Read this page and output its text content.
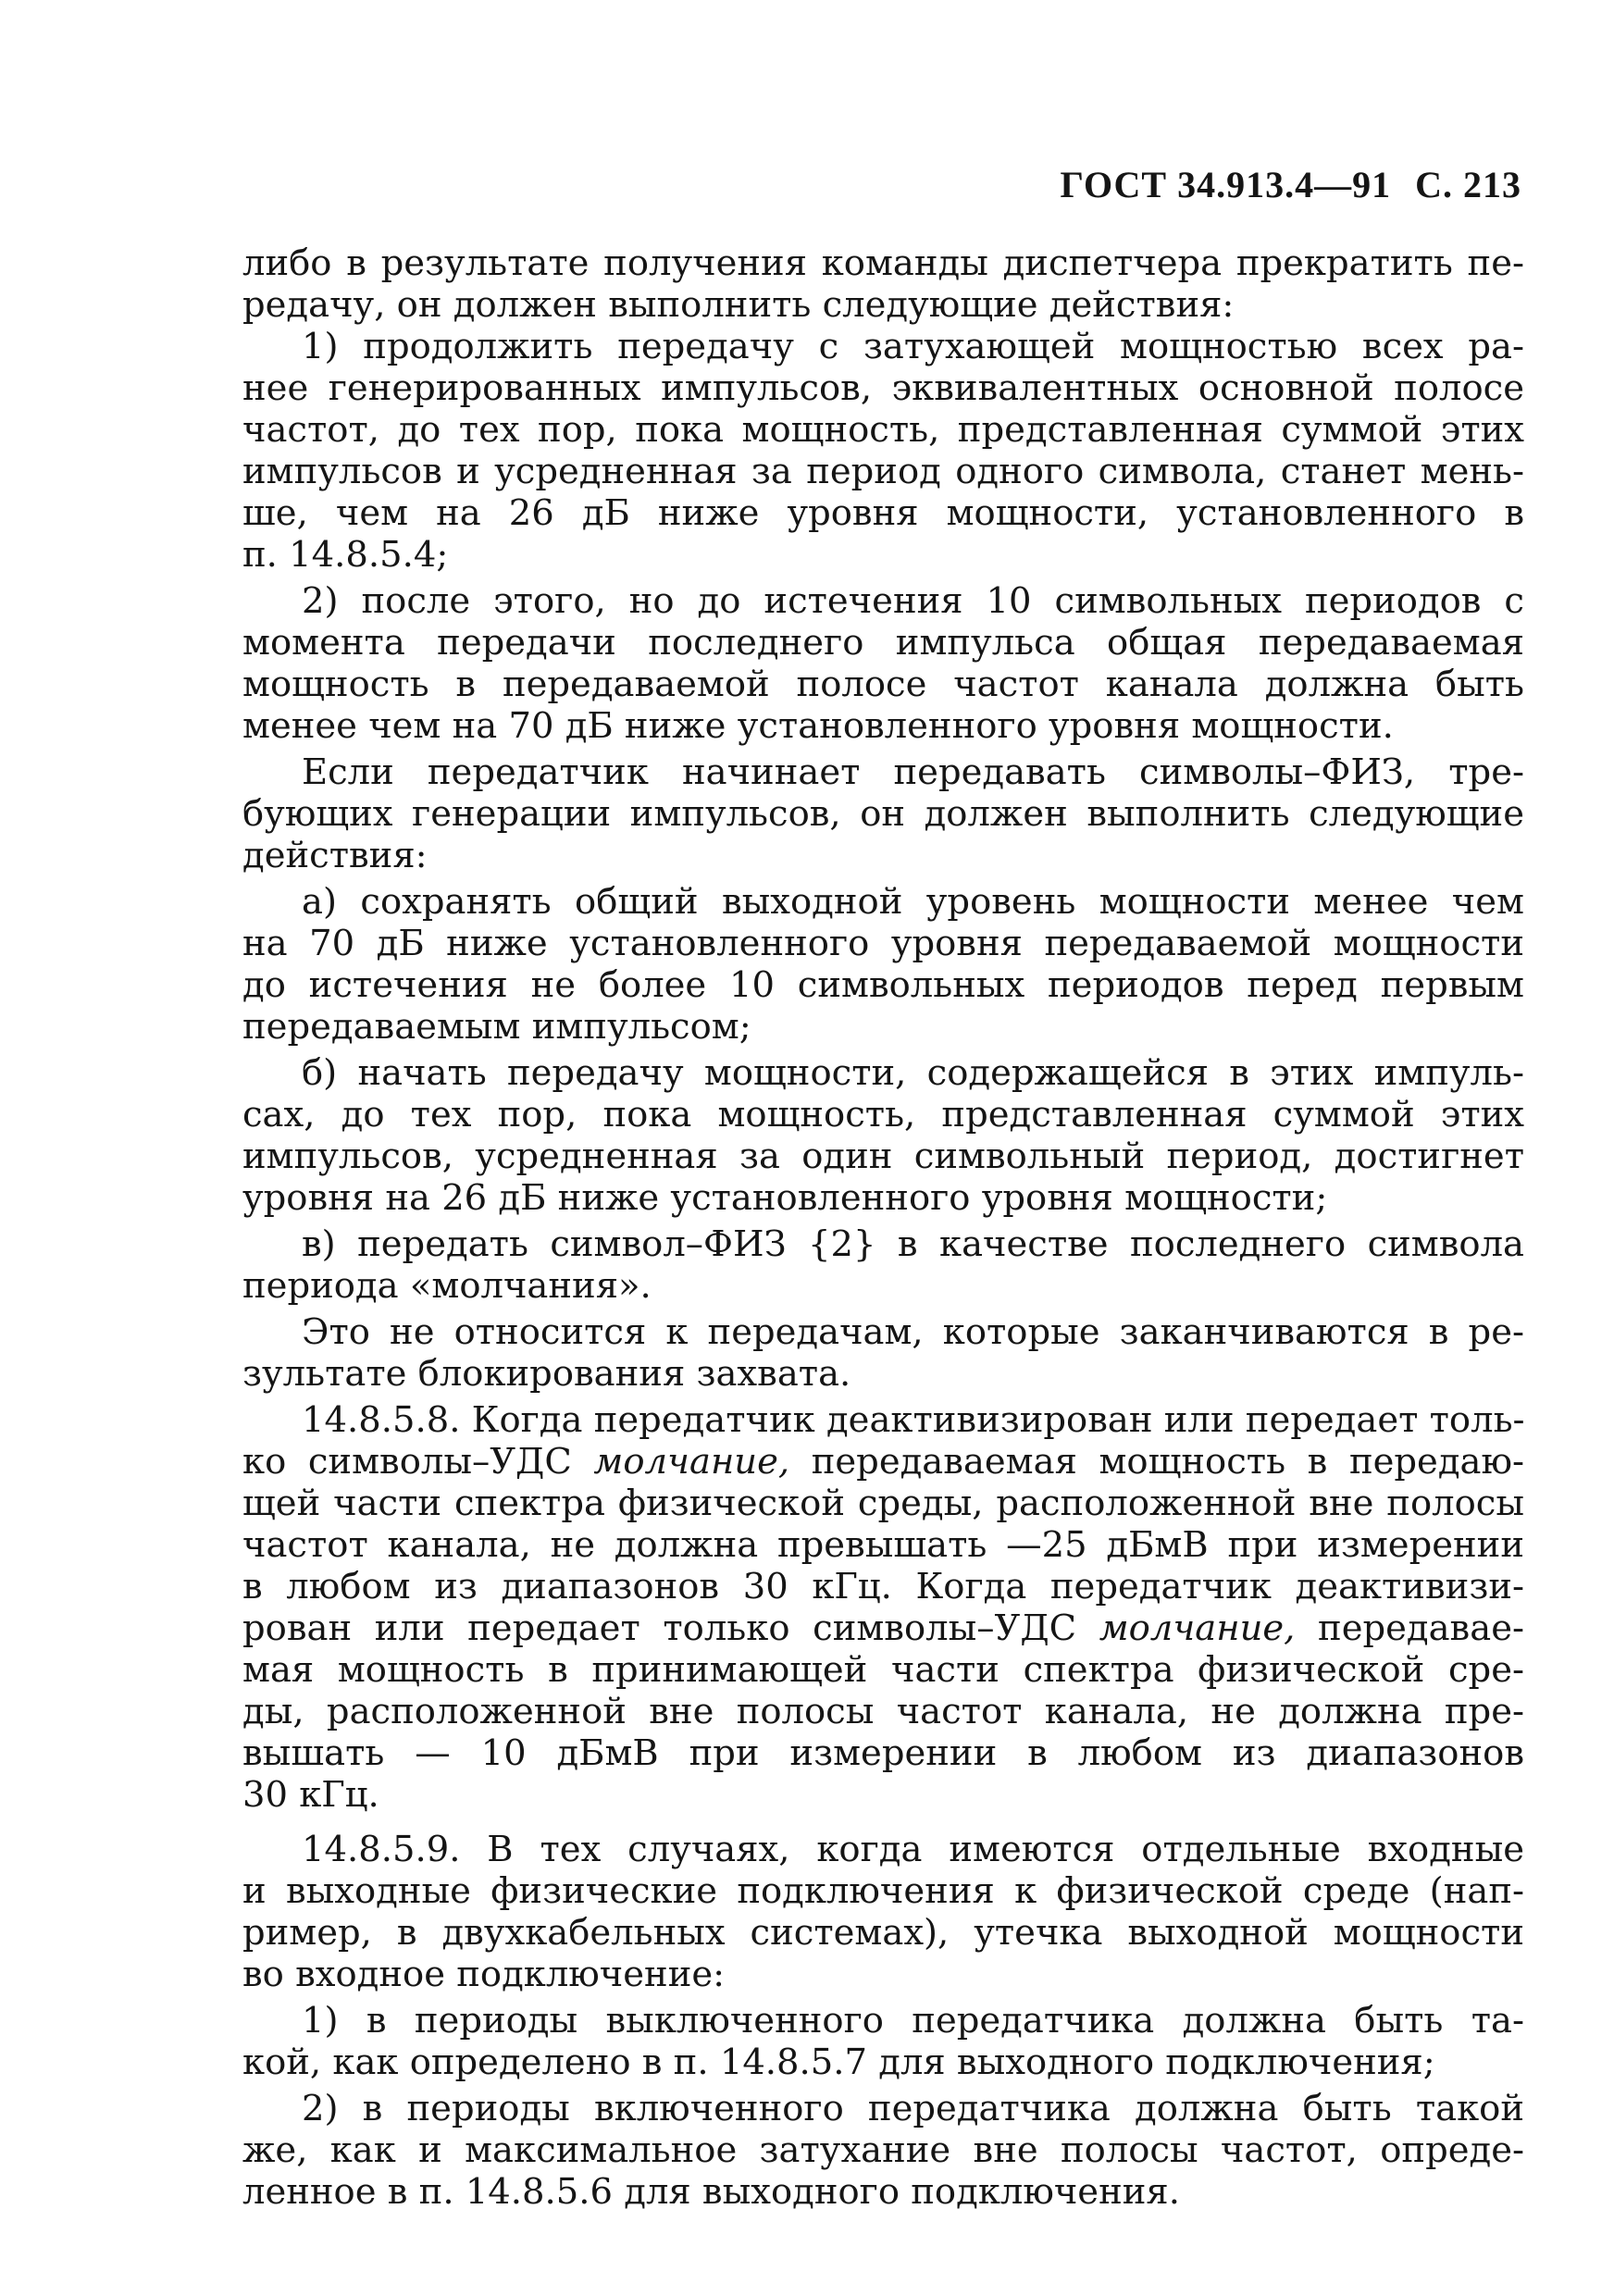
ГОСТ 34.913.4—91 С. 213
либо в результате получения команды диспетчера прекратить пе-
редачу, он должен выполнить следующие действия:
1) продолжить передачу с затухающей мощностью всех ра-
нее генерированных импульсов, эквивалентных основной полосе
частот, до тех пор, пока мощность, представленная суммой этих
импульсов и усредненная за период одного символа, станет мень-
ше, чем на 26 дБ ниже уровня мощности, установленного в
п. 14.8.5.4;
2) после этого, но до истечения 10 символьных периодов с
момента передачи последнего импульса общая передаваемая
мощность в передаваемой полосе частот канала должна быть
менее чем на 70 дБ ниже установленного уровня мощности.
Если передатчик начинает передавать символы–ФИЗ, тре-
бующих генерации импульсов, он должен выполнить следующие
действия:
а) сохранять общий выходной уровень мощности менее чем
на 70 дБ ниже установленного уровня передаваемой мощности
до истечения не более 10 символьных периодов перед первым
передаваемым импульсом;
б) начать передачу мощности, содержащейся в этих импуль-
сах, до тех пор, пока мощность, представленная суммой этих
импульсов, усредненная за один символьный период, достигнет
уровня на 26 дБ ниже установленного уровня мощности;
в) передать символ–ФИЗ {2} в качестве последнего символа
периода «молчания».
Это не относится к передачам, которые заканчиваются в ре-
зультате блокирования захвата.
14.8.5.8. Когда передатчик деактивизирован или передает толь-
ко символы–УДС молчание, передаваемая мощность в передаю-
щей части спектра физической среды, расположенной вне полосы
частот канала, не должна превышать —25 дБмВ при измерении
в любом из диапазонов 30 кГц. Когда передатчик деактивизи-
рован или передает только символы–УДС молчание, передавае-
мая мощность в принимающей части спектра физической сре-
ды, расположенной вне полосы частот канала, не должна пре-
вышать — 10 дБмВ при измерении в любом из диапазонов
30 кГц.
14.8.5.9. В тех случаях, когда имеются отдельные входные
и выходные физические подключения к физической среде (нап-
ример, в двухкабельных системах), утечка выходной мощности
во входное подключение:
1) в периоды выключенного передатчика должна быть та-
кой, как определено в п. 14.8.5.7 для выходного подключения;
2) в периоды включенного передатчика должна быть такой
же, как и максимальное затухание вне полосы частот, опреде-
ленное в п. 14.8.5.6 для выходного подключения.
